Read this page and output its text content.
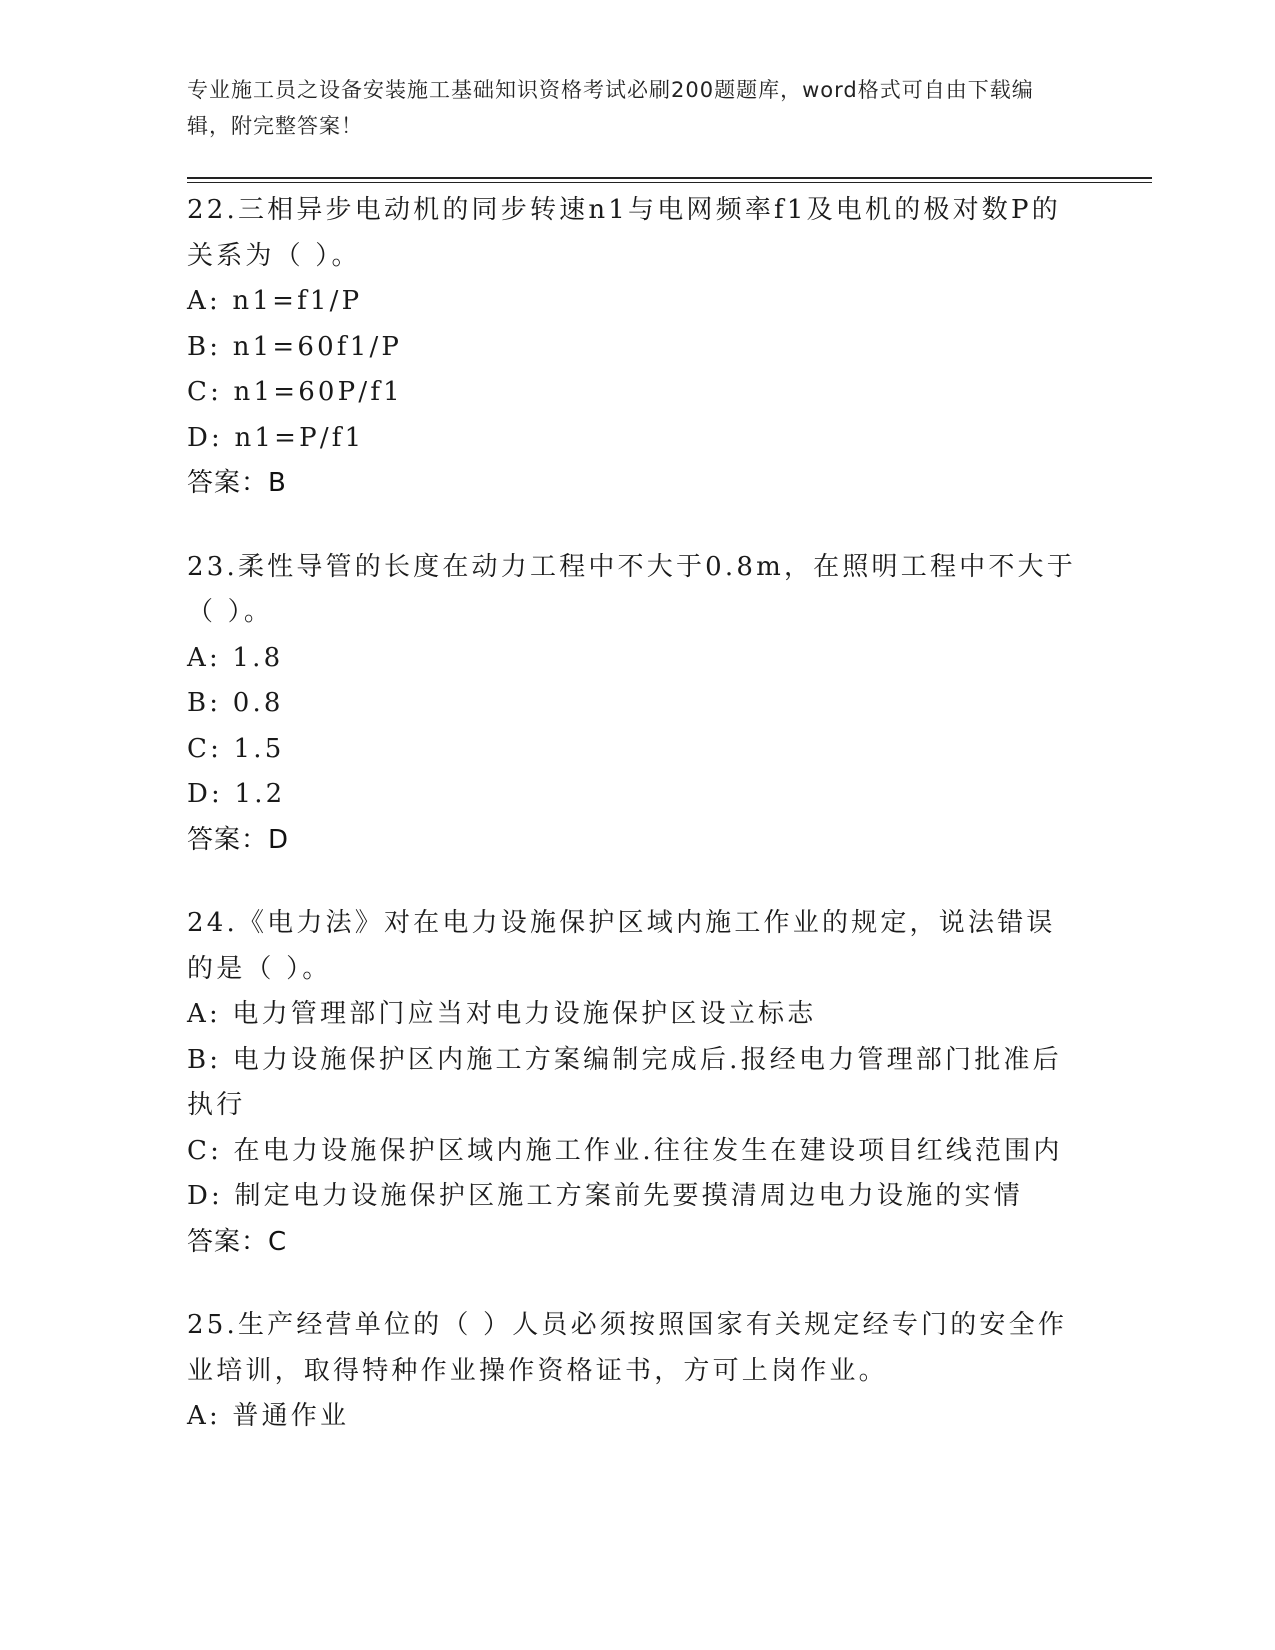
专业施工员之设备安装施工基础知识资格考试必刷200题题库，word格式可自由下载编辑，附完整答案！

22.三相异步电动机的同步转速n1与电网频率f1及电机的极对数P的关系为（ ）。

A: n1=f1/P

B: n1=60f1/P

C: n1=60P/f1

D: n1=P/f1

答案：B

23.柔性导管的长度在动力工程中不大于0.8m，在照明工程中不大于（ ）。

A: 1.8

B: 0.8

C: 1.5

D: 1.2

答案：D

24.《电力法》对在电力设施保护区域内施工作业的规定，说法错误的是（ ）。

A: 电力管理部门应当对电力设施保护区设立标志

B: 电力设施保护区内施工方案编制完成后.报经电力管理部门批准后执行

C: 在电力设施保护区域内施工作业.往往发生在建设项目红线范围内

D: 制定电力设施保护区施工方案前先要摸清周边电力设施的实情

答案：C

25.生产经营单位的（ ）人员必须按照国家有关规定经专门的安全作业培训，取得特种作业操作资格证书，方可上岗作业。

A: 普通作业
